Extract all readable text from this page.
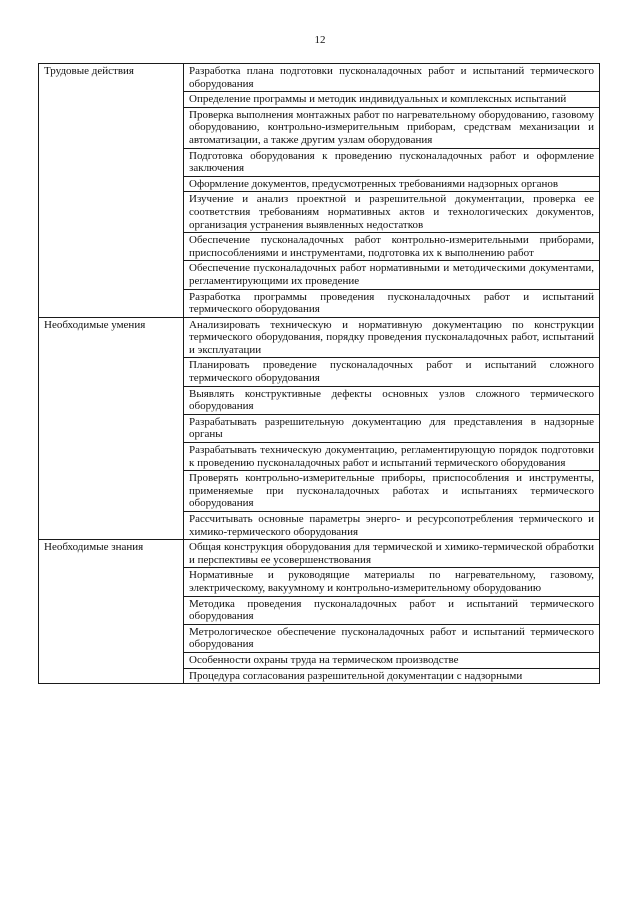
12
Трудовые действия	Разработка плана подготовки пусконаладочных работ и испытаний термического оборудования
	Определение программы и методик индивидуальных и комплексных испытаний
	Проверка выполнения монтажных работ по нагревательному оборудованию, газовому оборудованию, контрольно-измерительным приборам, средствам механизации и автоматизации, а также другим узлам оборудования
	Подготовка оборудования к проведению пусконаладочных работ и оформление заключения
	Оформление документов, предусмотренных требованиями надзорных органов
	Изучение и анализ проектной и разрешительной документации, проверка ее соответствия требованиям нормативных актов и технологических документов, организация устранения выявленных недостатков
	Обеспечение пусконаладочных работ контрольно-измерительными приборами, приспособлениями и инструментами, подготовка их к выполнению работ
	Обеспечение пусконаладочных работ нормативными и методическими документами, регламентирующими их проведение
	Разработка программы проведения пусконаладочных работ и испытаний термического оборудования
Необходимые умения	Анализировать техническую и нормативную документацию по конструкции термического оборудования, порядку проведения пусконаладочных работ, испытаний и эксплуатации
	Планировать проведение пусконаладочных работ и испытаний сложного термического оборудования
	Выявлять конструктивные дефекты основных узлов сложного термического оборудования
	Разрабатывать разрешительную документацию для представления в надзорные органы
	Разрабатывать техническую документацию, регламентирующую порядок подготовки к проведению пусконаладочных работ и испытаний термического оборудования
	Проверять контрольно-измерительные приборы, приспособления и инструменты, применяемые при пусконаладочных работах и испытаниях термического оборудования
	Рассчитывать основные параметры энерго- и ресурсопотребления термического и химико-термического оборудования
Необходимые знания	Общая конструкция оборудования для термической и химико-термической обработки и перспективы ее усовершенствования
	Нормативные и руководящие материалы по нагревательному, газовому, электрическому, вакуумному и контрольно-измерительному оборудованию
	Методика проведения пусконаладочных работ и испытаний термического оборудования
	Метрологическое обеспечение пусконаладочных работ и испытаний термического оборудования
	Особенности охраны труда на термическом производстве
	Процедура согласования разрешительной документации с надзорными
